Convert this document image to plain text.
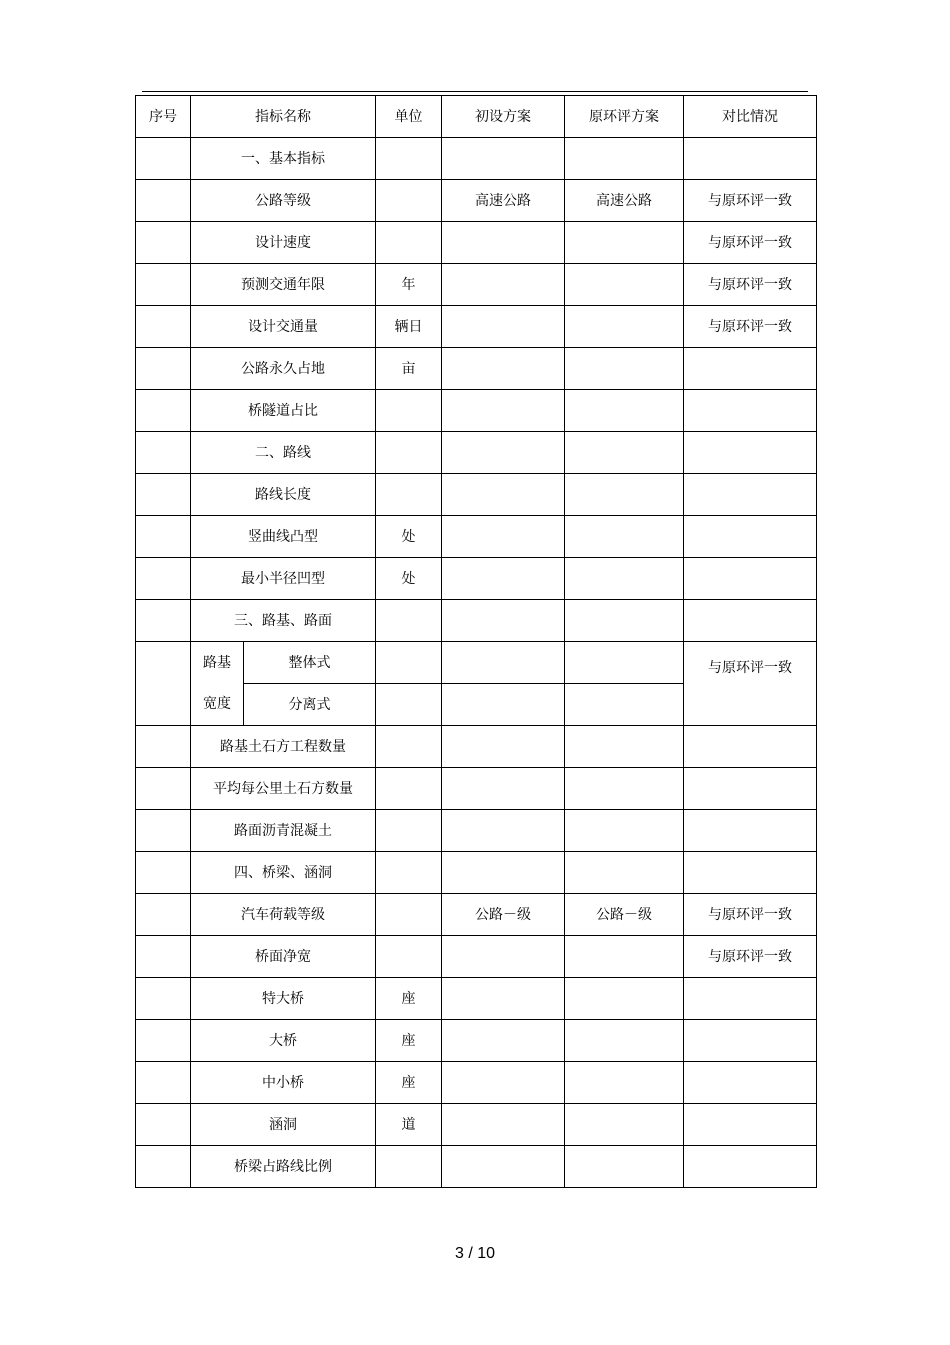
序号	指标名称		单位	初设方案	原环评方案	对比情况
	一、基本指标					
	公路等级			高速公路	高速公路	与原环评一致
	设计速度					与原环评一致
	预测交通年限		年			与原环评一致
	设计交通量		辆日			与原环评一致
	公路永久占地		亩			
	桥隧道占比					
	二、路线					
	路线长度					
	竖曲线凸型		处			
	最小半径凹型		处			
	三、路基、路面					
	路基	整体式				与原环评一致
	宽度	分离式				
	路基土石方工程数量					
	平均每公里土石方数量					
	路面沥青混凝土					
	四、桥梁、涵洞					
	汽车荷载等级			公路－级	公路－级	与原环评一致
	桥面净宽					与原环评一致
	特大桥		座			
	大桥		座			
	中小桥		座			
	涵洞		道			
	桥梁占路线比例					
3 / 10
